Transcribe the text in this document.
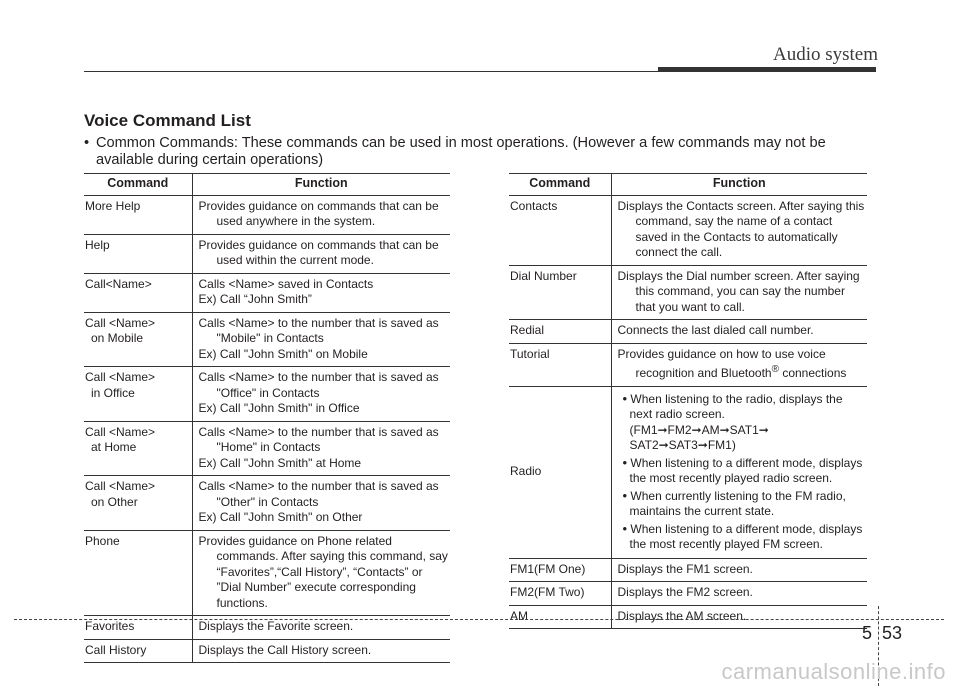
Audio system
Voice Command List

• Common Commands: These commands can be used in most operations. (However a few commands may not be
available during certain operations)

Command	Function
More Help	Provides guidance on commands that can be used anywhere in the system.

Help	Provides guidance on commands that can be used within the current mode.

Call<Name>	Calls <Name> saved in Contacts
Ex) Call “John Smith”

Call <Name>
on Mobile	Calls <Name> to the number that is saved as "Mobile" in Contacts
Ex) Call "John Smith" on Mobile

Call <Name>
in Office	Calls <Name> to the number that is saved as "Office" in Contacts
Ex) Call "John Smith" in Office

Call <Name>
at Home	Calls <Name> to the number that is saved as "Home" in Contacts
Ex) Call "John Smith" at Home

Call <Name>
on Other	Calls <Name> to the number that is saved as "Other" in Contacts
Ex) Call "John Smith" on Other

Phone	Provides guidance on Phone related commands. After saying this command, say “Favorites”,“Call History”, “Contacts” or ”Dial Number” execute corresponding functions.

Favorites	Displays the Favorite screen.

Call History	Displays the Call History screen.
Command	Function
Contacts	Displays the Contacts screen. After saying this command, say the name of a contact saved in the Contacts to automatically connect the call.

Dial Number	Displays the Dial number screen. After saying this command, you can say the number that you want to call.

Redial	Connects the last dialed call number.

Tutorial	Provides guidance on how to use voice recognition and Bluetooth® connections

Radio	• When listening to the radio, displays the next radio screen. (FM1➞FM2➞AM➞SAT1➞ SAT2➞SAT3➞FM1)
• When listening to a different mode, displays the most recently played radio screen.
• When currently listening to the FM radio, maintains the current state.
• When listening to a different mode, displays the most recently played FM screen.

FM1(FM One)	Displays the FM1 screen.

FM2(FM Two)	Displays the FM2 screen.

AM	Displays the AM screen.
5 53
carmanualsonline.info
